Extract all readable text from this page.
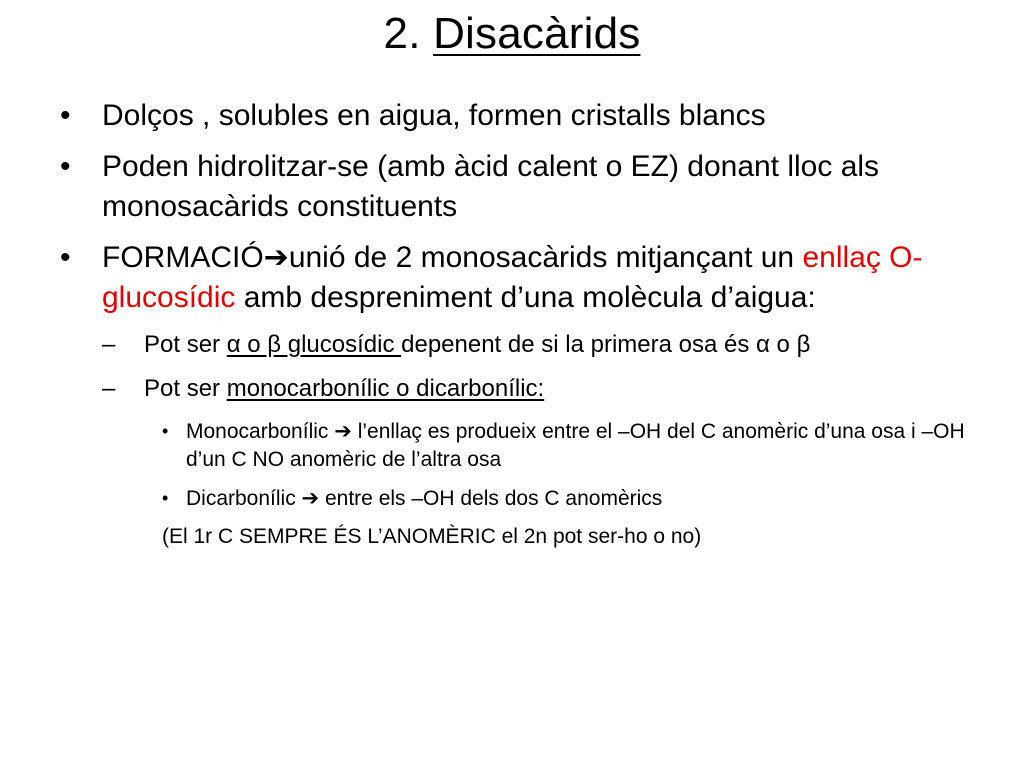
2. Disacàrids
• Dolços , solubles en aigua, formen cristalls blancs
• Poden hidrolitzar-se (amb àcid calent o EZ) donant lloc als monosacàrids constituents
• FORMACIÓ➔unió de 2 monosacàrids mitjançant un enllaç O-glucosídic amb despreniment d’una molècula d’aigua:
– Pot ser α o β glucosídic depenent de si la primera osa és α o β
– Pot ser monocarbonílic o dicarbonílic:
• Monocarbonílic ➔ l’enllaç es produeix entre el –OH del C anomèric d’una osa i –OH d’un C NO anomèric de l’altra osa
• Dicarbonílic ➔ entre els –OH dels dos C anomèrics
(El 1r C SEMPRE ÉS L’ANOMÈRIC el 2n pot ser-ho o no)
